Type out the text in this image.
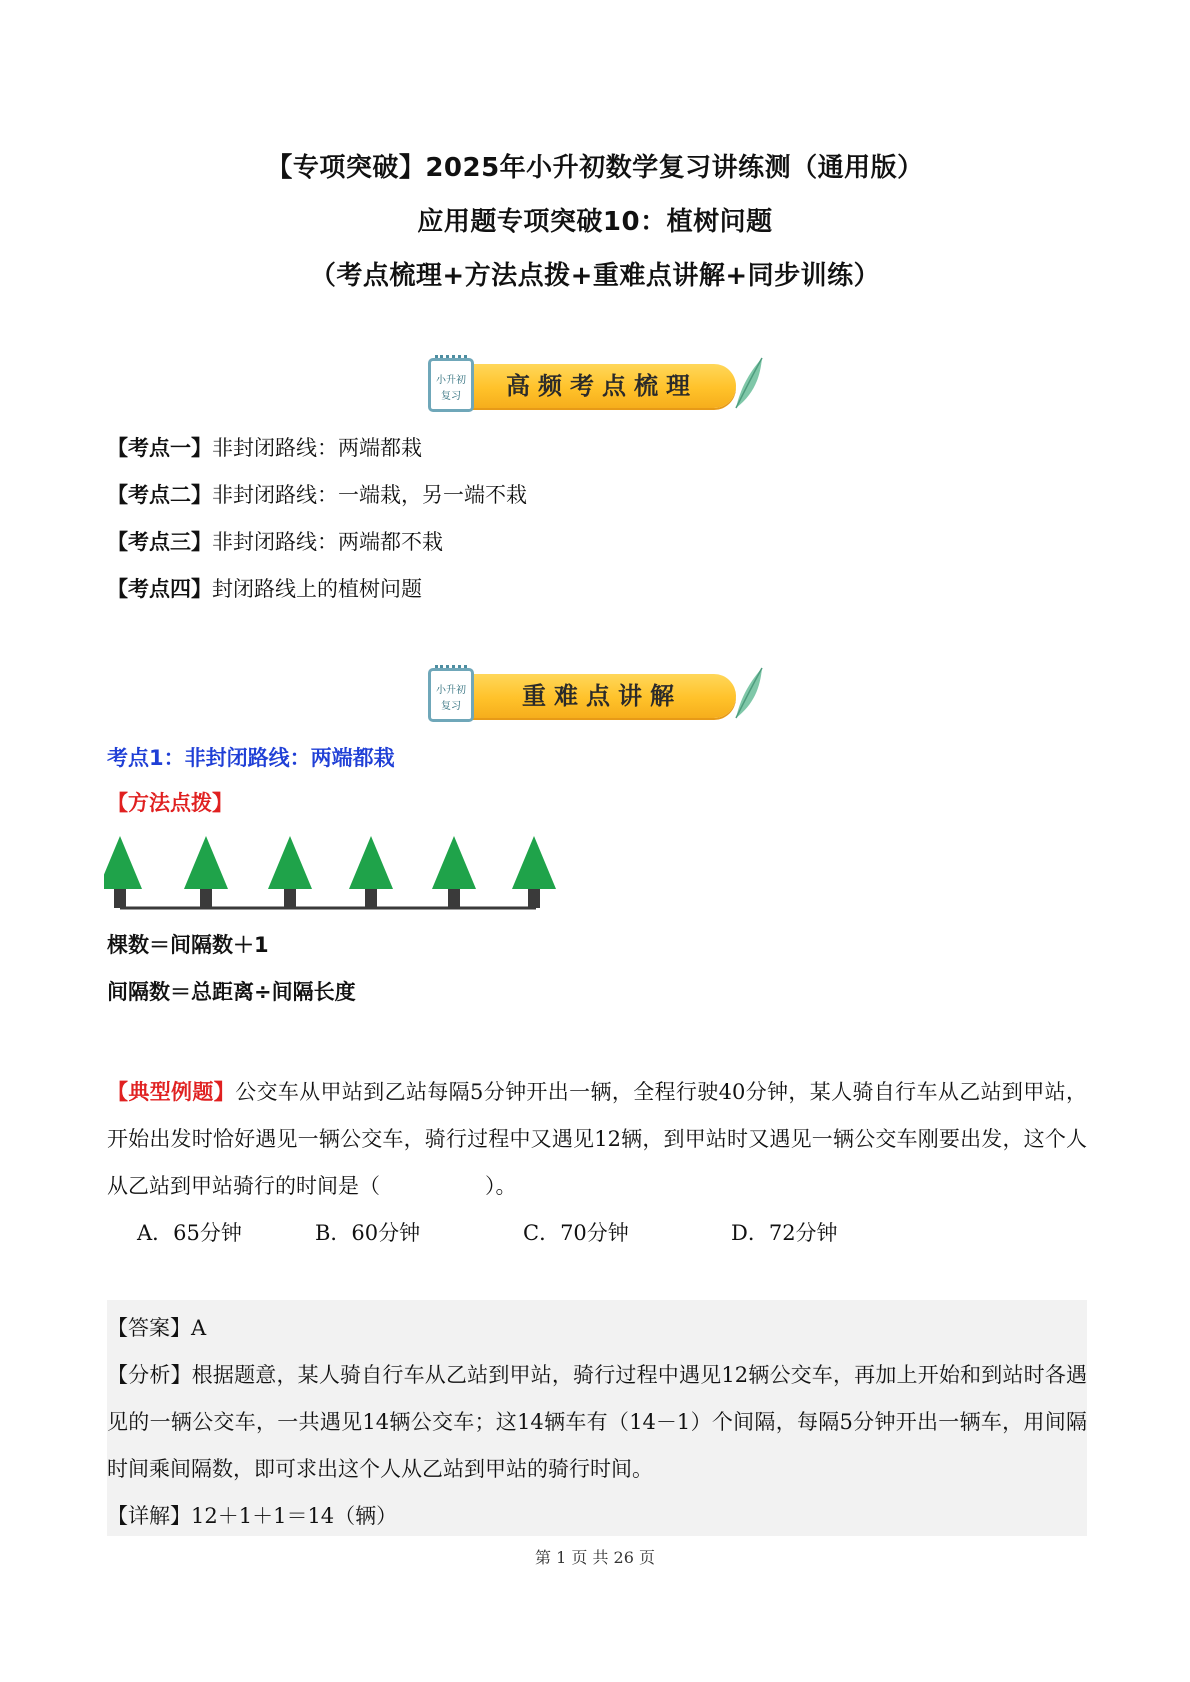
【专项突破】2025年小升初数学复习讲练测（通用版）
应用题专项突破10：植树问题
（考点梳理+方法点拨+重难点讲解+同步训练）
高频考点梳理
小升初
复习
【考点一】非封闭路线：两端都栽
【考点二】非封闭路线：一端栽，另一端不栽
【考点三】非封闭路线：两端都不栽
【考点四】封闭路线上的植树问题
重难点讲解
小升初
复习
考点1：非封闭路线：两端都栽
【方法点拨】
棵数＝间隔数＋1
间隔数＝总距离÷间隔长度
【典型例题】公交车从甲站到乙站每隔5分钟开出一辆，全程行驶40分钟，某人骑自行车从乙站到甲站，开始出发时恰好遇见一辆公交车，骑行过程中又遇见12辆，到甲站时又遇见一辆公交车刚要出发，这个人从乙站到甲站骑行的时间是（　　　　　）。
A．65分钟	B．60分钟	C．70分钟	D．72分钟
【答案】A
【分析】根据题意，某人骑自行车从乙站到甲站，骑行过程中遇见12辆公交车，再加上开始和到站时各遇见的一辆公交车，一共遇见14辆公交车；这14辆车有（14－1）个间隔，每隔5分钟开出一辆车，用间隔时间乘间隔数，即可求出这个人从乙站到甲站的骑行时间。
【详解】12＋1＋1＝14（辆）
第 1 页 共 26 页
